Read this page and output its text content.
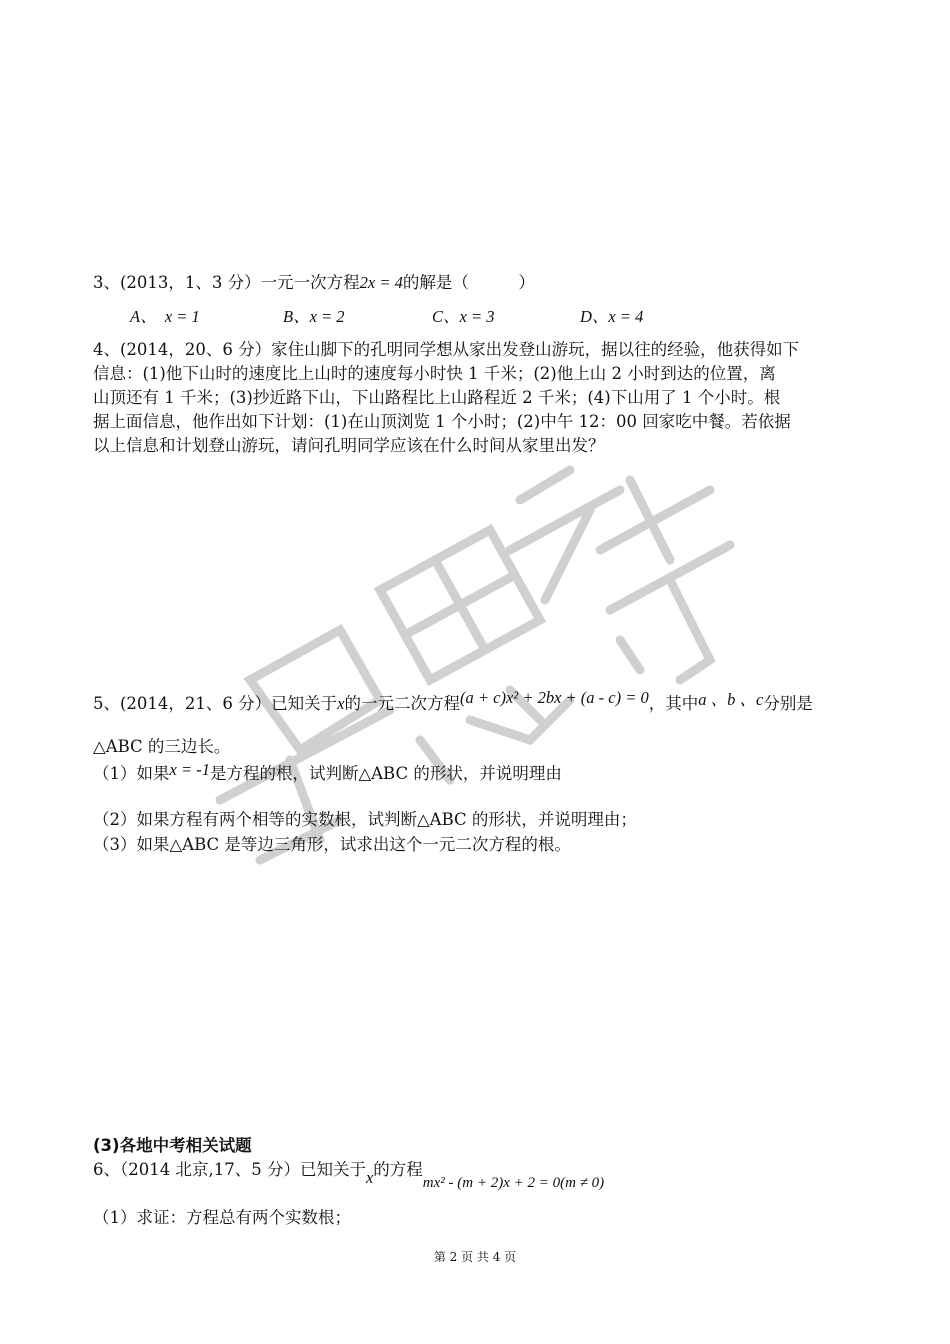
3、(2013，1、3 分）一元一次方程2x = 4的解是（　　　）
A、　x = 1	B、x = 2	C、x = 3	D、x = 4
4、(2014，20、6 分）家住山脚下的孔明同学想从家出发登山游玩，据以往的经验，他获得如下
信息：(1)他下山时的速度比上山时的速度每小时快 1 千米；(2)他上山 2 小时到达的位置，离
山顶还有 1 千米；(3)抄近路下山，下山路程比上山路程近 2 千米；(4)下山用了 1 个小时。根
据上面信息，他作出如下计划：(1)在山顶浏览 1 个小时；(2)中午 12：00 回家吃中餐。若依据
以上信息和计划登山游玩，请问孔明同学应该在什么时间从家里出发？
5、(2014，21、6 分）已知关于x的一元二次方程(a + c)x² + 2bx + (a - c) = 0，其中a 、b 、c分别是
△ABC 的三边长。
（1）如果x = -1是方程的根，试判断△ABC 的形状，并说明理由
（2）如果方程有两个相等的实数根，试判断△ABC 的形状，并说明理由；
（3）如果△ABC 是等边三角形，试求出这个一元二次方程的根。
(3)各地中考相关试题
6、（2014 北京,17、5 分）已知关于x的方程mx² - (m + 2)x + 2 = 0(m ≠ 0)
（1）求证：方程总有两个实数根；
第 2 页 共 4 页
